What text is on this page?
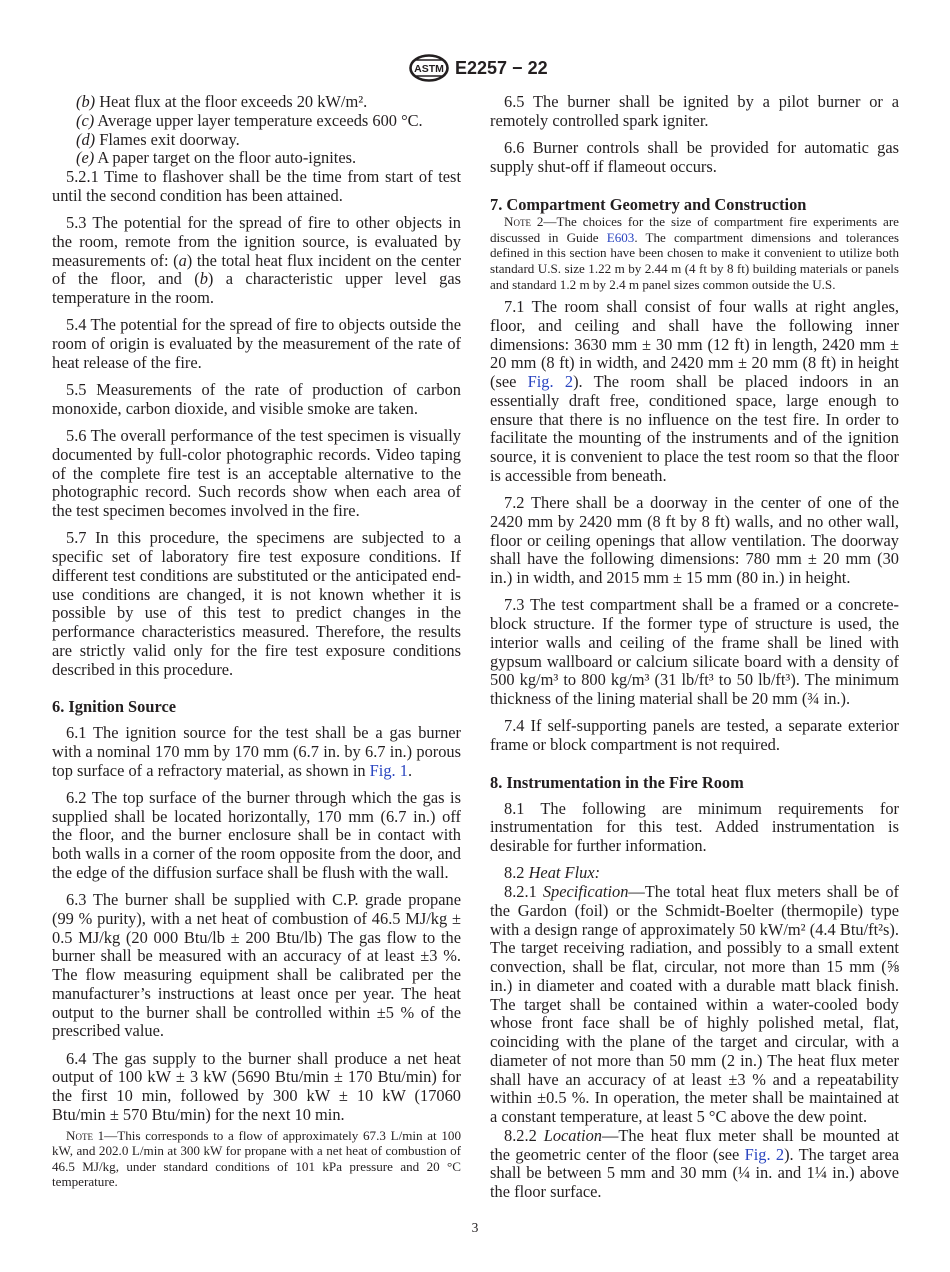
ASTM E2257 − 22

(b) Heat flux at the floor exceeds 20 kW/m².

(c) Average upper layer temperature exceeds 600 °C.

(d) Flames exit doorway.

(e) A paper target on the floor auto-ignites.

5.2.1 Time to flashover shall be the time from start of test until the second condition has been attained.

5.3 The potential for the spread of fire to other objects in the room, remote from the ignition source, is evaluated by measurements of: (a) the total heat flux incident on the center of the floor, and (b) a characteristic upper level gas temperature in the room.

5.4 The potential for the spread of fire to objects outside the room of origin is evaluated by the measurement of the rate of heat release of the fire.

5.5 Measurements of the rate of production of carbon monoxide, carbon dioxide, and visible smoke are taken.

5.6 The overall performance of the test specimen is visually documented by full-color photographic records. Video taping of the complete fire test is an acceptable alternative to the photographic record. Such records show when each area of the test specimen becomes involved in the fire.

5.7 In this procedure, the specimens are subjected to a specific set of laboratory fire test exposure conditions. If different test conditions are substituted or the anticipated end-use conditions are changed, it is not known whether it is possible by use of this test to predict changes in the performance characteristics measured. Therefore, the results are strictly valid only for the fire test exposure conditions described in this procedure.

6. Ignition Source

6.1 The ignition source for the test shall be a gas burner with a nominal 170 mm by 170 mm (6.7 in. by 6.7 in.) porous top surface of a refractory material, as shown in Fig. 1.

6.2 The top surface of the burner through which the gas is supplied shall be located horizontally, 170 mm (6.7 in.) off the floor, and the burner enclosure shall be in contact with both walls in a corner of the room opposite from the door, and the edge of the diffusion surface shall be flush with the wall.

6.3 The burner shall be supplied with C.P. grade propane (99 % purity), with a net heat of combustion of 46.5 MJ/kg ± 0.5 MJ/kg (20 000 Btu/lb ± 200 Btu/lb) The gas flow to the burner shall be measured with an accuracy of at least ±3 %. The flow measuring equipment shall be calibrated per the manufacturer’s instructions at least once per year. The heat output to the burner shall be controlled within ±5 % of the prescribed value.

6.4 The gas supply to the burner shall produce a net heat output of 100 kW ± 3 kW (5690 Btu/min ± 170 Btu/min) for the first 10 min, followed by 300 kW ± 10 kW (17060 Btu/min ± 570 Btu/min) for the next 10 min.

Note 1—This corresponds to a flow of approximately 67.3 L/min at 100 kW, and 202.0 L/min at 300 kW for propane with a net heat of combustion of 46.5 MJ/kg, under standard conditions of 101 kPa pressure and 20 °C temperature.

6.5 The burner shall be ignited by a pilot burner or a remotely controlled spark igniter.

6.6 Burner controls shall be provided for automatic gas supply shut-off if flameout occurs.

7. Compartment Geometry and Construction

Note 2—The choices for the size of compartment fire experiments are discussed in Guide E603. The compartment dimensions and tolerances defined in this section have been chosen to make it convenient to utilize both standard U.S. size 1.22 m by 2.44 m (4 ft by 8 ft) building materials or panels and standard 1.2 m by 2.4 m panel sizes common outside the U.S.

7.1 The room shall consist of four walls at right angles, floor, and ceiling and shall have the following inner dimensions: 3630 mm ± 30 mm (12 ft) in length, 2420 mm ± 20 mm (8 ft) in width, and 2420 mm ± 20 mm (8 ft) in height (see Fig. 2). The room shall be placed indoors in an essentially draft free, conditioned space, large enough to ensure that there is no influence on the test fire. In order to facilitate the mounting of the instruments and of the ignition source, it is convenient to place the test room so that the floor is accessible from beneath.

7.2 There shall be a doorway in the center of one of the 2420 mm by 2420 mm (8 ft by 8 ft) walls, and no other wall, floor or ceiling openings that allow ventilation. The doorway shall have the following dimensions: 780 mm ± 20 mm (30 in.) in width, and 2015 mm ± 15 mm (80 in.) in height.

7.3 The test compartment shall be a framed or a concrete-block structure. If the former type of structure is used, the interior walls and ceiling of the frame shall be lined with gypsum wallboard or calcium silicate board with a density of 500 kg/m³ to 800 kg/m³ (31 lb/ft³ to 50 lb/ft³). The minimum thickness of the lining material shall be 20 mm (¾ in.).

7.4 If self-supporting panels are tested, a separate exterior frame or block compartment is not required.

8. Instrumentation in the Fire Room

8.1 The following are minimum requirements for instrumentation for this test. Added instrumentation is desirable for further information.

8.2 Heat Flux:

8.2.1 Specification—The total heat flux meters shall be of the Gardon (foil) or the Schmidt-Boelter (thermopile) type with a design range of approximately 50 kW/m² (4.4 Btu/ft²s). The target receiving radiation, and possibly to a small extent convection, shall be flat, circular, not more than 15 mm (⅝ in.) in diameter and coated with a durable matt black finish. The target shall be contained within a water-cooled body whose front face shall be of highly polished metal, flat, coinciding with the plane of the target and circular, with a diameter of not more than 50 mm (2 in.) The heat flux meter shall have an accuracy of at least ±3 % and a repeatability within ±0.5 %. In operation, the meter shall be maintained at a constant temperature, at least 5 °C above the dew point.

8.2.2 Location—The heat flux meter shall be mounted at the geometric center of the floor (see Fig. 2). The target area shall be between 5 mm and 30 mm (¼ in. and 1¼ in.) above the floor surface.

3
